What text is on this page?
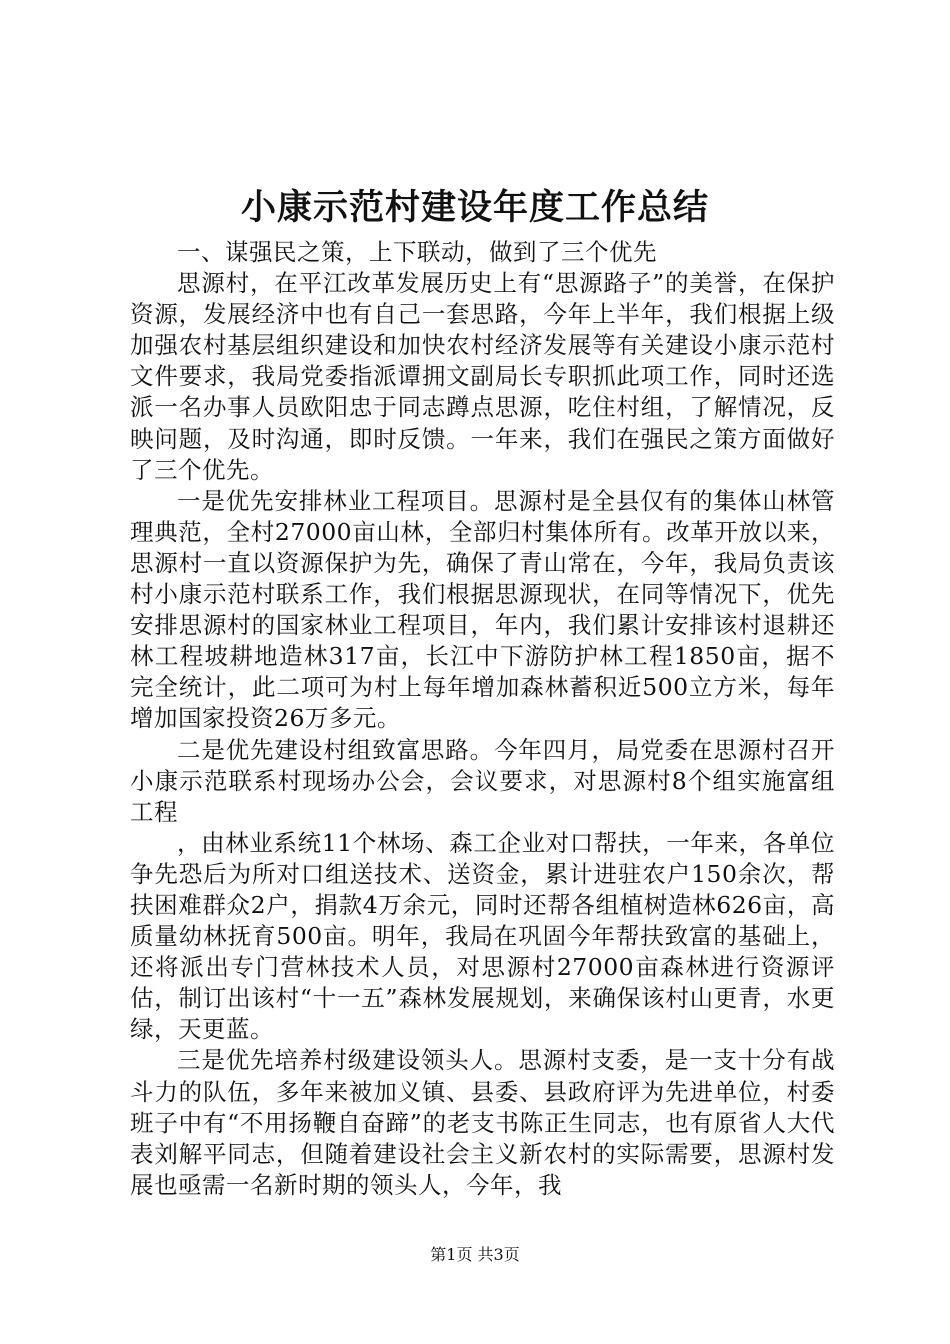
小康示范村建设年度工作总结

一、谋强民之策，上下联动，做到了三个优先

思源村，在平江改革发展历史上有“思源路子”的美誉，在保护资源，发展经济中也有自己一套思路，今年上半年，我们根据上级加强农村基层组织建设和加快农村经济发展等有关建设小康示范村文件要求，我局党委指派谭拥文副局长专职抓此项工作，同时还选派一名办事人员欧阳忠于同志蹲点思源，吃住村组，了解情况，反映问题，及时沟通，即时反馈。一年来，我们在强民之策方面做好了三个优先。

一是优先安排林业工程项目。思源村是全县仅有的集体山林管理典范，全村27000亩山林，全部归村集体所有。改革开放以来，思源村一直以资源保护为先，确保了青山常在，今年，我局负责该村小康示范村联系工作，我们根据思源现状，在同等情况下，优先安排思源村的国家林业工程项目，年内，我们累计安排该村退耕还林工程坡耕地造林317亩，长江中下游防护林工程1850亩，据不完全统计，此二项可为村上每年增加森林蓄积近500立方米，每年增加国家投资26万多元。

二是优先建设村组致富思路。今年四月，局党委在思源村召开小康示范联系村现场办公会，会议要求，对思源村8个组实施富组工程

，由林业系统11个林场、森工企业对口帮扶，一年来，各单位争先恐后为所对口组送技术、送资金，累计进驻农户150余次，帮扶困难群众2户，捐款4万余元，同时还帮各组植树造林626亩，高质量幼林抚育500亩。明年，我局在巩固今年帮扶致富的基础上，还将派出专门营林技术人员，对思源村27000亩森林进行资源评估，制订出该村“十一五”森林发展规划，来确保该村山更青，水更绿，天更蓝。

三是优先培养村级建设领头人。思源村支委，是一支十分有战斗力的队伍，多年来被加义镇、县委、县政府评为先进单位，村委班子中有“不用扬鞭自奋蹄”的老支书陈正生同志，也有原省人大代表刘解平同志，但随着建设社会主义新农村的实际需要，思源村发展也亟需一名新时期的领头人，今年，我

第1页 共3页
